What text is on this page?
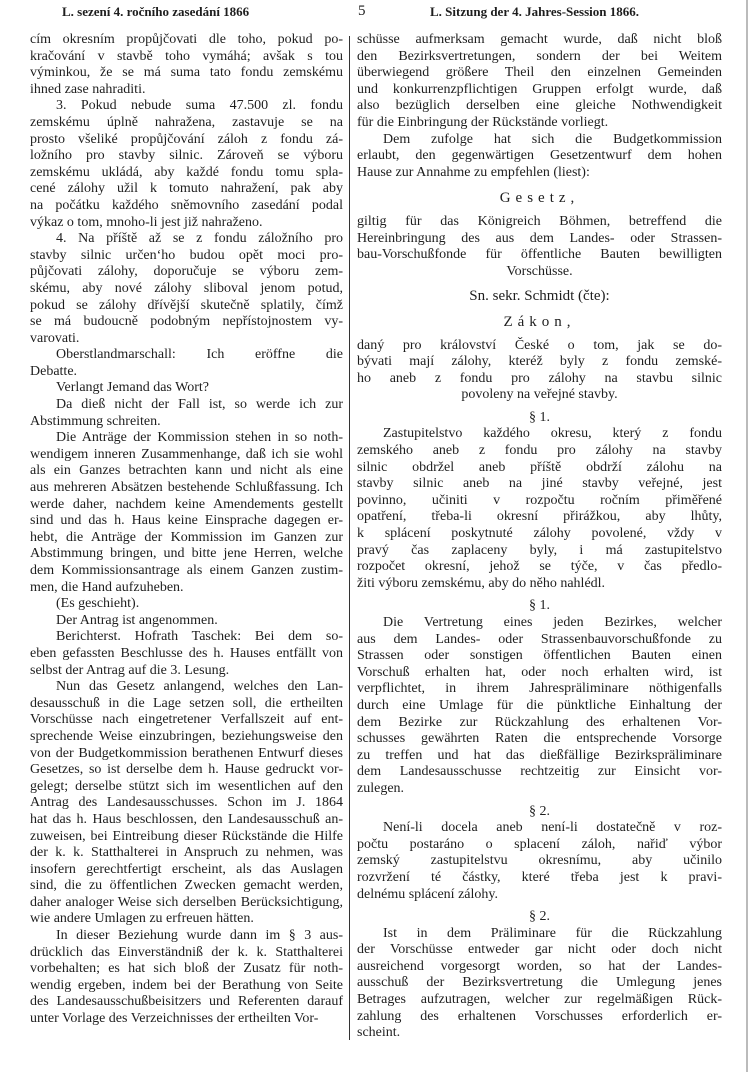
L. sezení 4. ročního zasedání 1866	5	L. Sitzung der 4. Jahres-Session 1866.
cím okresním propůjčovati dle toho, pokud po-
kračování v stavbě toho vymáhá; avšak s tou
výminkou, že se má suma tato fondu zemskému
ihned zase nahraditi.
3. Pokud nebude suma 47.500 zl. fondu
zemskému úplně nahražena, zastavuje se na
prosto všeliké propůjčování záloh z fondu zá-
ložního pro stavby silnic. Zároveň se výboru
zemskému ukládá, aby každé fondu tomu spla-
cené zálohy užil k tomuto nahražení, pak aby
na počátku každého sněmovního zasedání podal
výkaz o tom, mnoho-li jest již nahraženo.
4. Na příště až se z fondu záložního pro
stavby silnic určen‘ho budou opět moci pro-
půjčovati zálohy, doporučuje se výboru zem-
skému, aby nové zálohy sliboval jenom potud,
pokud se zálohy dřívější skutečně splatily, čímž
se má budoucně podobným nepřístojnostem vy-
varovati.
Oberstlandmarschall: Ich eröffne die
Debatte.
Verlangt Jemand das Wort?
Da dieß nicht der Fall ist, so werde ich zur
Abstimmung schreiten.
Die Anträge der Kommission stehen in so noth-
wendigem inneren Zusammenhange, daß ich sie wohl
als ein Ganzes betrachten kann und nicht als eine
aus mehreren Absätzen bestehende Schlußfassung. Ich
werde daher, nachdem keine Amendements gestellt
sind und das h. Haus keine Einsprache dagegen er-
hebt, die Anträge der Kommission im Ganzen zur
Abstimmung bringen, und bitte jene Herren, welche
dem Kommissionsantrage als einem Ganzen zustim-
men, die Hand aufzuheben.
(Es geschieht).
Der Antrag ist angenommen.
Berichterst. Hofrath Taschek: Bei dem so-
eben gefassten Beschlusse des h. Hauses entfällt von
selbst der Antrag auf die 3. Lesung.
Nun das Gesetz anlangend, welches den Lan-
desausschuß in die Lage setzen soll, die ertheilten
Vorschüsse nach eingetretener Verfallszeit auf ent-
sprechende Weise einzubringen, beziehungsweise den
von der Budgetkommission berathenen Entwurf dieses
Gesetzes, so ist derselbe dem h. Hause gedruckt vor-
gelegt; derselbe stützt sich im wesentlichen auf den
Antrag des Landesausschusses. Schon im J. 1864
hat das h. Haus beschlossen, den Landesausschuß an-
zuweisen, bei Eintreibung dieser Rückstände die Hilfe
der k. k. Statthalterei in Anspruch zu nehmen, was
insofern gerechtfertigt erscheint, als das Auslagen
sind, die zu öffentlichen Zwecken gemacht werden,
daher analoger Weise sich derselben Berücksichtigung,
wie andere Umlagen zu erfreuen hätten.
In dieser Beziehung wurde dann im § 3 aus-
drücklich das Einverständniß der k. k. Statthalterei
vorbehalten; es hat sich bloß der Zusatz für noth-
wendig ergeben, indem bei der Berathung von Seite
des Landesausschußbeisitzers und Referenten darauf
unter Vorlage des Verzeichnisses der ertheilten Vor-
schüsse aufmerksam gemacht wurde, daß nicht bloß
den Bezirksvertretungen, sondern der bei Weitem
überwiegend größere Theil den einzelnen Gemeinden
und konkurrenzpflichtigen Gruppen erfolgt wurde, daß
also bezüglich derselben eine gleiche Nothwendigkeit
für die Einbringung der Rückstände vorliegt.
Dem zufolge hat sich die Budgetkommission
erlaubt, den gegenwärtigen Gesetzentwurf dem hohen
Hause zur Annahme zu empfehlen (liest):
Gesetz,
giltig für das Königreich Böhmen, betreffend die
Hereinbringung des aus dem Landes- oder Strassen-
bau-Vorschußfonde für öffentliche Bauten bewilligten
Vorschüsse.
Sn. sekr. Schmidt (čte):
Zákon,
daný pro království České o tom, jak se do-
bývati mají zálohy, kteréž byly z fondu zemské-
ho aneb z fondu pro zálohy na stavbu silnic
povoleny na veřejné stavby.
§ 1.
Zastupitelstvo každého okresu, který z fondu
zemského aneb z fondu pro zálohy na stavby
silnic obdržel aneb příště obdrží zálohu na
stavby silnic aneb na jiné stavby veřejné, jest
povinno, učiniti v rozpočtu ročním přiměřené
opatření, třeba-li okresní přirážkou, aby lhůty,
k splácení poskytnuté zálohy povolené, vždy v
pravý čas zaplaceny byly, i má zastupitelstvo
rozpočet okresní, jehož se týče, v čas předlo-
žiti výboru zemskému, aby do něho nahlédl.
§ 1.
Die Vertretung eines jeden Bezirkes, welcher
aus dem Landes- oder Strassenbauvorschußfonde zu
Strassen oder sonstigen öffentlichen Bauten einen
Vorschuß erhalten hat, oder noch erhalten wird, ist
verpflichtet, in ihrem Jahrespräliminare nöthigenfalls
durch eine Umlage für die pünktliche Einhaltung der
dem Bezirke zur Rückzahlung des erhaltenen Vor-
schusses gewährten Raten die entsprechende Vorsorge
zu treffen und hat das dießfällige Bezirkspräliminare
dem Landesausschusse rechtzeitig zur Einsicht vor-
zulegen.
§ 2.
Není-li docela aneb není-li dostatečně v roz-
počtu postaráno o splacení záloh, nařiď výbor
zemský zastupitelstvu okresnímu, aby učinilo
rozvržení té částky, které třeba jest k pravi-
delnému splácení zálohy.
§ 2.
Ist in dem Präliminare für die Rückzahlung
der Vorschüsse entweder gar nicht oder doch nicht
ausreichend vorgesorgt worden, so hat der Landes-
ausschuß der Bezirksvertretung die Umlegung jenes
Betrages aufzutragen, welcher zur regelmäßigen Rück-
zahlung des erhaltenen Vorschusses erforderlich er-
scheint.
